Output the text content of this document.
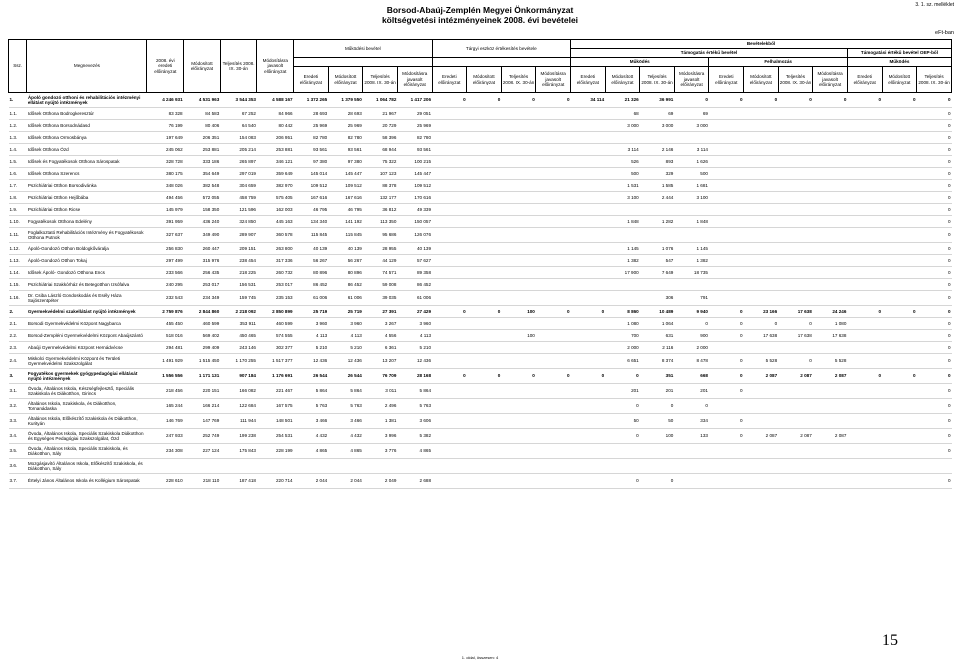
3. 1. sz. melléklet
Borsod-Abaúj-Zemplén Megyei Önkormányzat
költségvetési intézményeinek 2008. évi bevételei
eFt-ban
Ssz.	Megnevezés	2008. évi eredeti előirányzat	Módosított előirányzat	Teljesítés 2008. IX. 30-án	Módosításra javasolt előirányzat	Működési bevétel				Tárgyi eszköz értékesítés bevétele				Bevételekből										
														Támogatás értékű bevétel								Támogatási értékű bevétel OEP-ből		
														Működés				Felhalmozás				Működés		
						Eredeti előirányzat	Módosított előirányzat	Teljesítés 2008. IX. 30-án	Módosításra javasolt előirányzat	Eredeti előirányzat	Módosított előirányzat	Teljesítés 2008. IX. 30-án	Módosításra javasolt előirányzat	Eredeti előirányzat	Módosított előirányzat	Teljesítés 2008. IX. 30-án	Módosításra javasolt előirányzat	Eredeti előirányzat	Módosított előirányzat	Teljesítés 2008. IX. 30-án	Módosításra javasolt előirányzat	Eredeti előirányzat	Módosított előirányzat	Teljesítés 2008. IX. 30-án
1.	Ápoló gondozó otthoni és rehabilitációs intézményi ellátást nyújtó intézmények	4 246 931	4 531 963	3 544 353	4 588 167	1 372 265	1 379 550	1 064 782	1 417 206	0	0	0	0	34 114	21 326	36 991	0	0	0	0	0	0	0	0
1.1.	Idősek Otthona Bodrogkeresztúr	83 328	84 583	67 252	84 966	28 693	28 693	21 967	29 051						68	69	69							0
1.2.	Idősek Otthona Borsodnádasd	76 199	80 406	64 540	80 442	25 969	25 969	20 729	25 969						3 000	3 000	3 000							0
1.3.	Idősek Otthona Ormosbánya	197 649	206 351	154 083	206 951	82 780	82 780	58 396	82 780															0
1.4.	Idősek Otthona Ózd	245 062	253 881	205 214	253 881	93 561	93 561	68 944	93 561						3 114	2 146	3 114							0
1.5.	Idősek és Fogyatékosok Otthona Sárospatak	328 728	333 186	265 897	346 121	97 380	97 380	75 322	100 215						526	893	1 626							0
1.6.	Idősek Otthona Szerencs	380 175	354 649	297 019	359 649	145 014	145 447	107 123	145 447						500	329	500							0
1.7.	Pszichiátriai Otthon Borsodivánka	348 026	382 548	304 659	382 970	109 512	109 512	88 378	109 512						1 531	1 585	1 681							0
1.8.	Pszichiátriai Otthon Hejőbába	494 456	572 055	458 759	575 405	167 616	167 616	132 177	170 616						3 100	2 444	3 100							0
1.9.	Pszichiátriai Otthon Ricse	145 979	158 350	121 596	162 003	46 795	46 795	36 812	49 339															0
1.10.	Fogyatékosok Otthona Edelény	391 959	436 240	324 850	445 163	134 340	141 192	113 350	150 057						1 848	1 282	1 848							0
1.11.	Foglalkoztató Rehabilitációs Intézmény és Fogyatékosok Otthona Putnok	327 637	349 490	289 907	360 578	115 845	115 845	95 686	126 076															0
1.12.	Ápoló-Gondozó Otthon Boldogkőváralja	256 830	260 447	209 151	263 800	40 139	40 139	28 955	40 139						1 145	1 076	1 145							0
1.13.	Ápoló-Gondozó Otthon Tokaj	297 499	315 976	238 454	317 336	56 267	56 267	44 129	57 627						1 382	547	1 382							0
1.14.	Idősek Ápoló- Gondozó Otthona Encs	233 566	256 435	218 225	260 732	80 896	80 896	74 571	89 358						17 900	7 649	18 735							0
1.15.	Pszichiátriai Szakkórház és Betegotthon Izsófalva	240 295	253 017	156 531	253 017	86 452	86 452	59 008	86 452															0
1.16.	Dr. Csiba László Gondoskodás és Esély Háza Sajószentpéter	232 543	234 349	159 745	235 153	61 006	61 006	39 035	61 006							306	791							0
2.	Gyermekvédelmi szakellátást nyújtó intézmények	2 759 876	2 844 860	2 218 092	2 850 899	25 719	25 719	27 391	27 429	0	0	100	0	0	8 860	10 489	9 940	0	23 166	17 638	24 246	0	0	0
2.1.	Borsodi Gyermekvédelmi Központ Nagybarca	455 450	460 599	353 911	460 599	3 960	3 960	3 267	3 960						1 080	1 064	0	0	0	0	1 080			0
2.2.	Borsod-Zempléni Gyermekvédelmi Központ Abaújszántó	518 016	569 402	450 465	574 555	4 113	4 113	4 556	4 113			100			700	631	900	0	17 638	17 638	17 638			0
2.3.	Abaúji Gyermekvédelmi Központ Hernádvécse	294 481	299 409	243 146	302 377	5 210	5 210	6 361	5 210						2 000	2 116	2 000							0
2.4.	Miskolci Gyermekvédelmi Központ és Területi Gyermekvédelmi Szakszolgálat	1 491 929	1 515 450	1 170 255	1 517 377	12 436	12 436	13 207	12 436						6 651	8 374	8 478	0	5 528	0	5 528			0
3.	Fogyatékos gyermekek gyógypedagógiai ellátását nyújtó intézmények	1 556 556	1 171 131	907 184	1 176 691	26 544	26 544	76 709	28 168	0	0	0	0	0	0	351	668	0	2 087	2 087	2 087	0	0	0
3.1.	Óvoda, Általános Iskola, Készségfejlesztő, Speciális Szakiskola és Diákotthon, Girincs	218 456	220 151	166 082	221 467	5 864	5 864	3 011	5 864						201	201	201	0						0
3.2.	Általános Iskola, Szakiskola, és Diákotthon, Tornanádaska	165 244	166 214	122 684	167 575	5 763	5 763	2 496	5 763						0	0	0							0
3.3.	Általános Iskola, Előkészítő Szakiskola és Diákotthon, Kurityán	146 769	147 769	111 944	148 501	3 466	3 466	1 381	3 606						50	50	334	0						0
3.4.	Óvoda, Általános Iskola, Speciális Szakiskola Diákotthon és Egységes Pedagógiai Szakszolgálat, Ózd	247 933	252 749	199 238	254 531	4 432	4 432	3 996	5 382						0	100	133	0	2 087	2 087	2 087			0
3.5.	Óvoda, Általános Iskola, Speciális Szakiskola, és Diákotthon, Sály	234 308	227 124	175 843	228 199	4 865	4 865	3 776	4 865															0
3.6.	Mozgásjavító Általános Iskola, Előkészítő Szakiskola, és Diákotthon, Sály																							
3.7.	Értelyi János Általános Iskola és Kollégium Sárospatak	228 610	218 110	187 418	220 714	2 044	2 044	2 049	2 688						0	0								0
15
1. oldal, összesen: 4
